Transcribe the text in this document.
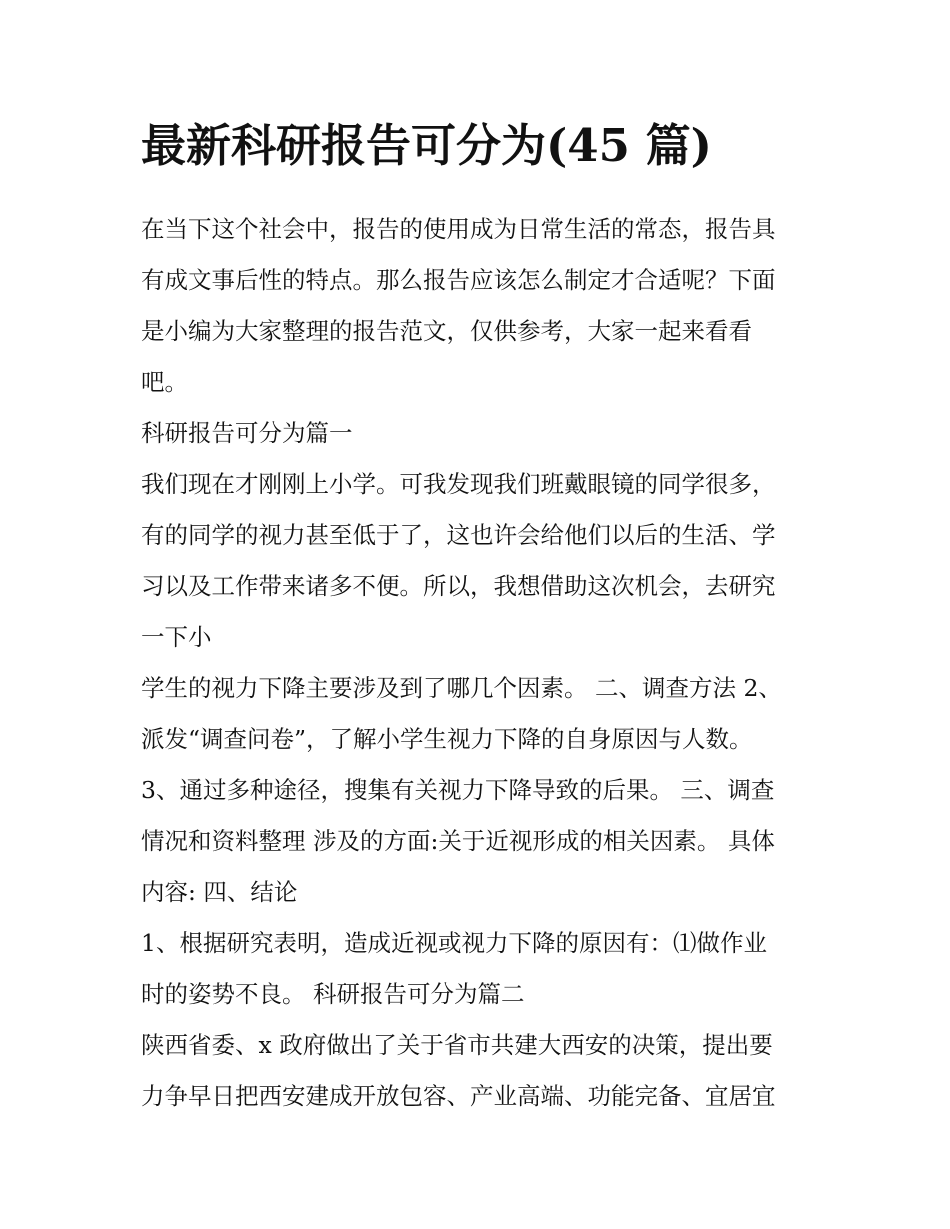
最新科研报告可分为(45 篇)

在当下这个社会中，报告的使用成为日常生活的常态，报告具

有成文事后性的特点。那么报告应该怎么制定才合适呢？下面

是小编为大家整理的报告范文，仅供参考，大家一起来看看

吧。

科研报告可分为篇一

我们现在才刚刚上小学。可我发现我们班戴眼镜的同学很多，

有的同学的视力甚至低于了，这也许会给他们以后的生活、学

习以及工作带来诸多不便。所以，我想借助这次机会，去研究

一下小

学生的视力下降主要涉及到了哪几个因素。 二、调查方法 2、

派发“调查问卷”，了解小学生视力下降的自身原因与人数。

3、通过多种途径，搜集有关视力下降导致的后果。 三、调查

情况和资料整理 涉及的方面:关于近视形成的相关因素。 具体

内容: 四、结论

1、根据研究表明，造成近视或视力下降的原因有：⑴做作业

时的姿势不良。 科研报告可分为篇二

陕西省委、x 政府做出了关于省市共建大西安的决策，提出要

力争早日把西安建成开放包容、产业高端、功能完备、宜居宜
